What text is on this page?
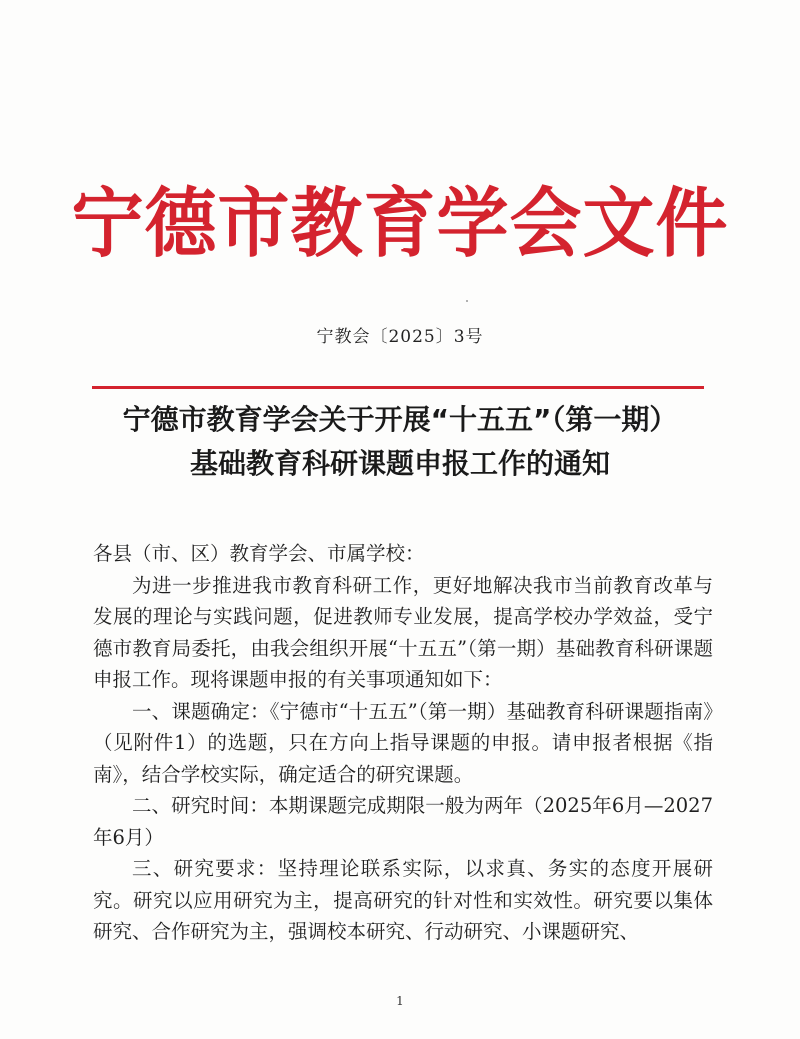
宁德市教育学会文件
宁教会〔2025〕3号
宁德市教育学会关于开展“十五五”（第一期）
基础教育科研课题申报工作的通知

各县（市、区）教育学会、市属学校：

为进一步推进我市教育科研工作，更好地解决我市当前教育改革与发展的理论与实践问题，促进教师专业发展，提高学校办学效益，受宁德市教育局委托，由我会组织开展“十五五”（第一期）基础教育科研课题申报工作。现将课题申报的有关事项通知如下：

一、课题确定：《宁德市“十五五”（第一期）基础教育科研课题指南》（见附件1）的选题，只在方向上指导课题的申报。请申报者根据《指南》，结合学校实际，确定适合的研究课题。

二、研究时间：本期课题完成期限一般为两年（2025年6月—2027年6月）

三、研究要求：坚持理论联系实际，以求真、务实的态度开展研究。研究以应用研究为主，提高研究的针对性和实效性。研究要以集体研究、合作研究为主，强调校本研究、行动研究、小课题研究、

1
